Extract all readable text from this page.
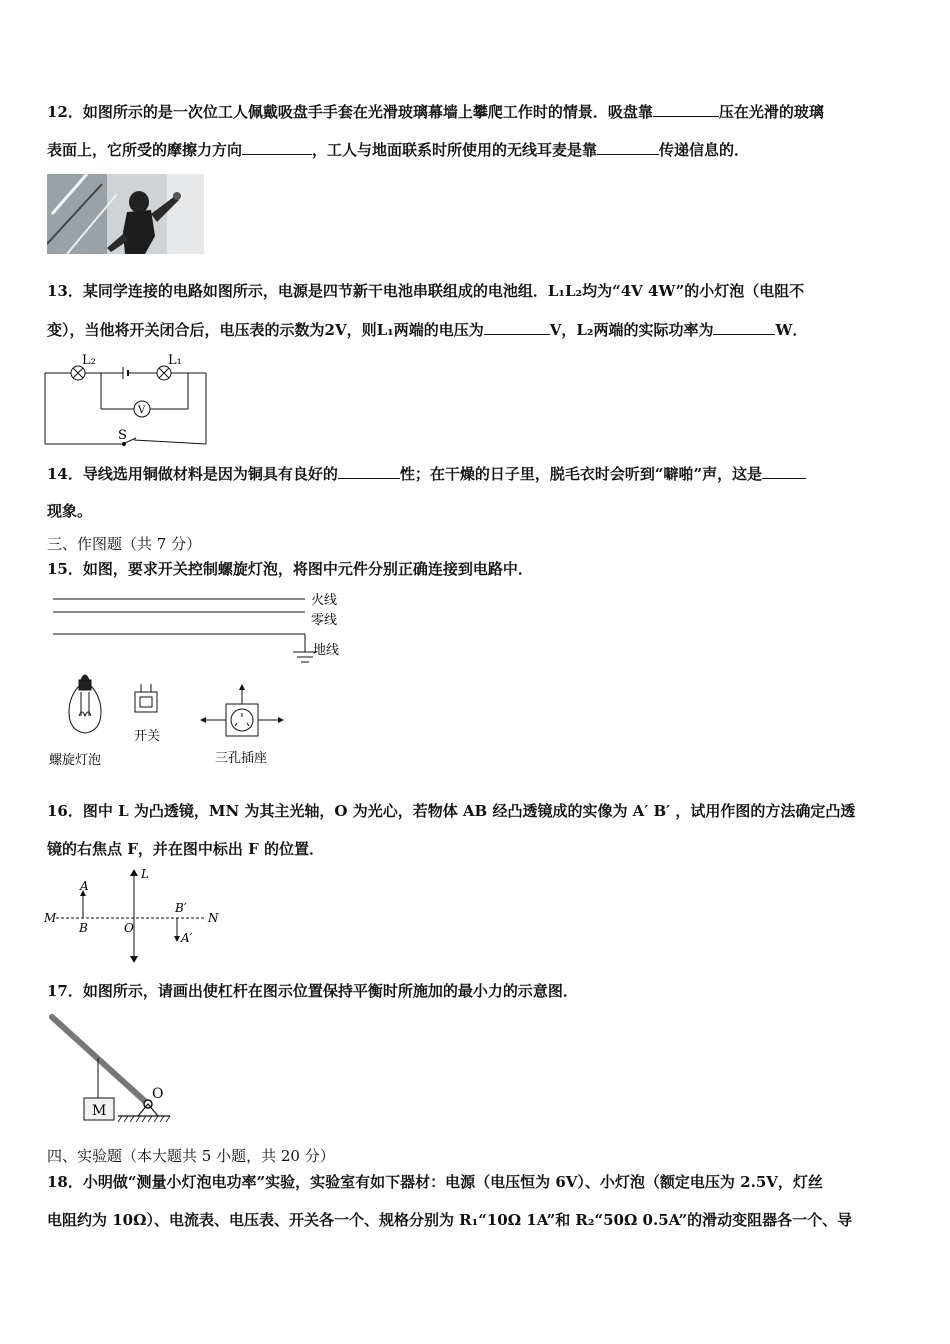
12．如图所示的是一次位工人佩戴吸盘手手套在光滑玻璃幕墙上攀爬工作时的情景．吸盘靠	压在光滑的玻璃
表面上，它所受的摩擦力方向	，工人与地面联系时所使用的无线耳麦是靠	传递信息的．
13．某同学连接的电路如图所示，电源是四节新干电池串联组成的电池组．L₁L₂均为“4V 4W”的小灯泡（电阻不
变），当他将开关闭合后，电压表的示数为2V，则L₁两端的电压为	V，L₂两端的实际功率为	W．
L₂	L₁
V
S
14．导线选用铜做材料是因为铜具有良好的	性；在干燥的日子里，脱毛衣时会听到“噼啪”声，这是
现象。
三、作图题（共 7 分）
15．如图，要求开关控制螺旋灯泡，将图中元件分别正确连接到电路中．
火线
零线
地线
螺旋灯泡
开关
三孔插座
16．图中 L 为凸透镜，MN 为其主光轴，O 为光心，若物体 AB 经凸透镜成的实像为 A′ B′ ，试用作图的方法确定凸透
镜的右焦点 F，并在图中标出 F 的位置．
L
M	N
O
A
B
B′
A′
17．如图所示，请画出使杠杆在图示位置保持平衡时所施加的最小力的示意图．
M
O
四、实验题（本大题共 5 小题，共 20 分）
18．小明做“测量小灯泡电功率”实验，实验室有如下器材：电源（电压恒为 6V）、小灯泡（额定电压为 2.5V，灯丝
电阻约为 10Ω）、电流表、电压表、开关各一个、规格分别为 R₁“10Ω 1A”和 R₂“50Ω 0.5A”的滑动变阻器各一个、导
